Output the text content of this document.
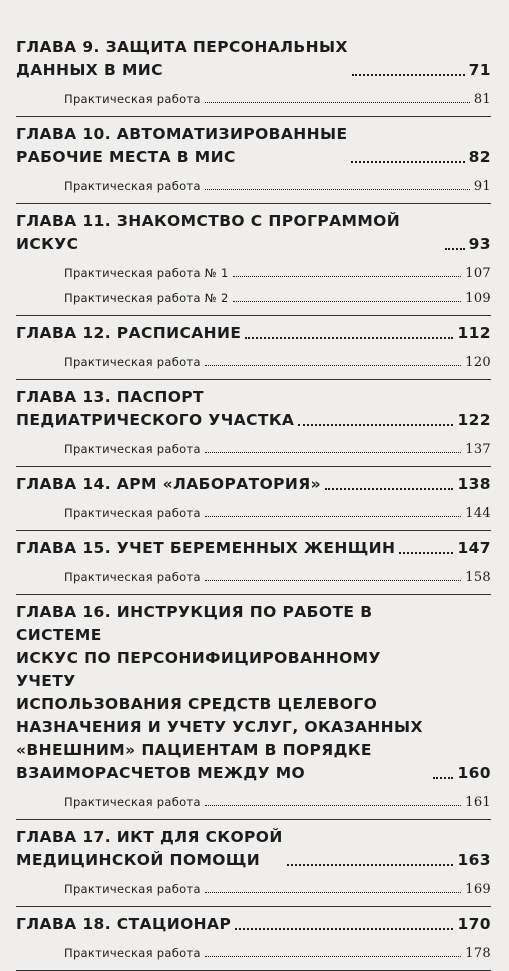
ГЛАВА 9. ЗАЩИТА ПЕРСОНАЛЬНЫХ
ДАННЫХ В МИС	71
Практическая работа	81
ГЛАВА 10. АВТОМАТИЗИРОВАННЫЕ
РАБОЧИЕ МЕСТА В МИС	82
Практическая работа	91
ГЛАВА 11. ЗНАКОМСТВО С ПРОГРАММОЙ ИСКУС	93
Практическая работа № 1	107
Практическая работа № 2	109
ГЛАВА 12. РАСПИСАНИЕ	112
Практическая работа	120
ГЛАВА 13. ПАСПОРТ
ПЕДИАТРИЧЕСКОГО УЧАСТКА	122
Практическая работа	137
ГЛАВА 14. АРМ «ЛАБОРАТОРИЯ»	138
Практическая работа	144
ГЛАВА 15. УЧЕТ БЕРЕМЕННЫХ ЖЕНЩИН	147
Практическая работа	158
ГЛАВА 16. ИНСТРУКЦИЯ ПО РАБОТЕ В СИСТЕМЕ
ИСКУС ПО ПЕРСОНИФИЦИРОВАННОМУ УЧЕТУ
ИСПОЛЬЗОВАНИЯ СРЕДСТВ ЦЕЛЕВОГО
НАЗНАЧЕНИЯ И УЧЕТУ УСЛУГ, ОКАЗАННЫХ
«ВНЕШНИМ» ПАЦИЕНТАМ В ПОРЯДКЕ
ВЗАИМОРАСЧЕТОВ МЕЖДУ МО	160
Практическая работа	161
ГЛАВА 17. ИКТ ДЛЯ СКОРОЙ
МЕДИЦИНСКОЙ ПОМОЩИ	163
Практическая работа	169
ГЛАВА 18. СТАЦИОНАР	170
Практическая работа	178
